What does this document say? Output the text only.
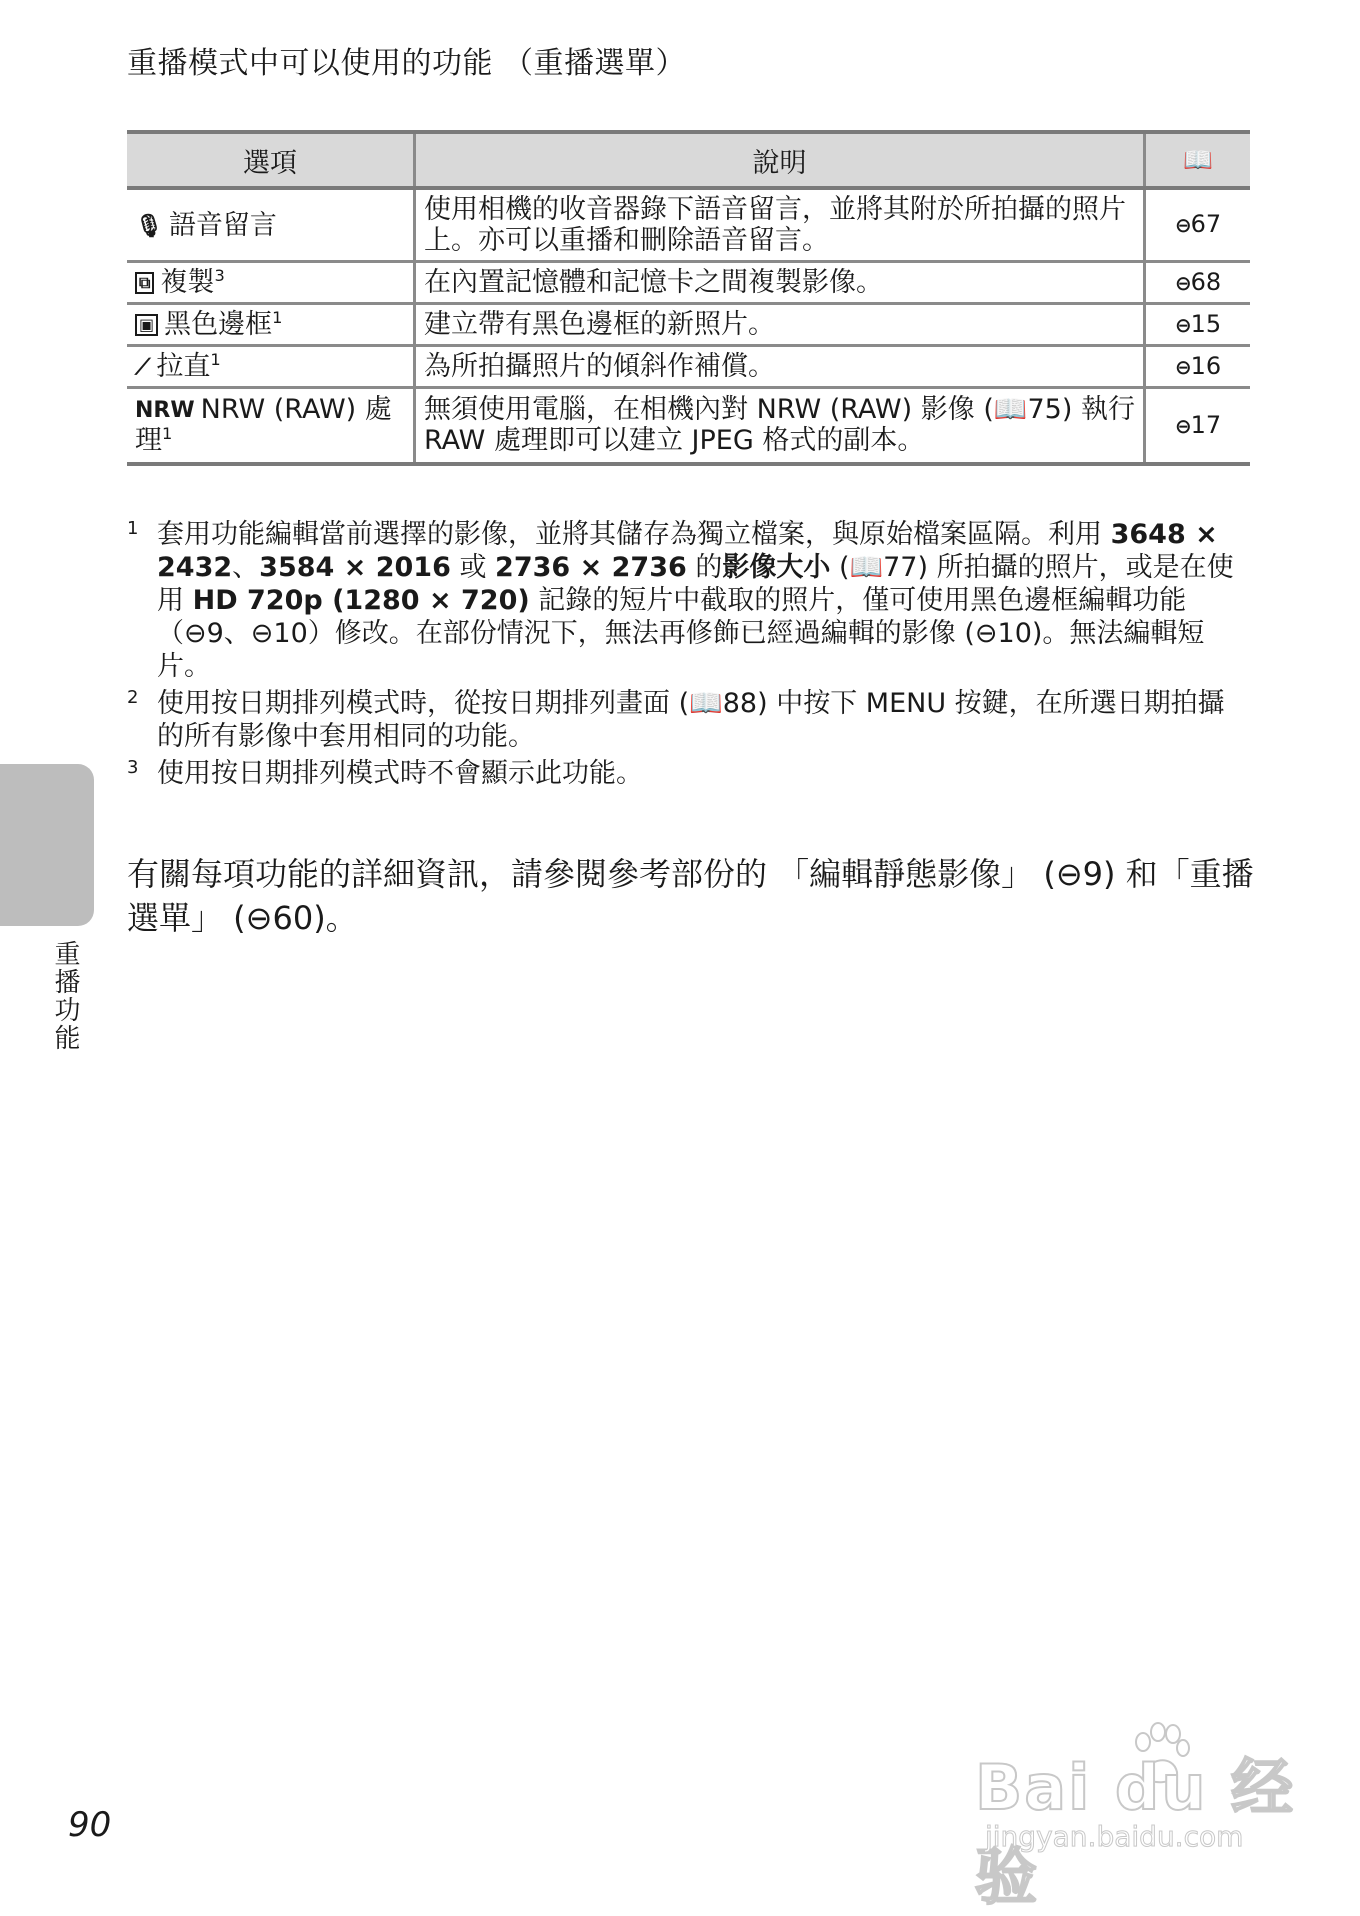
重播模式中可以使用的功能 （重播選單）
選項	說明	📖
🎙 語音留言	使用相機的收音器錄下語音留言，並將其附於所拍攝的照片上。亦可以重播和刪除語音留言。	⊖67
⧉ 複製$^3$	在內置記憶體和記憶卡之間複製影像。	⊖68
▣ 黑色邊框$^1$	建立帶有黑色邊框的新照片。	⊖15
⟋ 拉直$^1$	為所拍攝照片的傾斜作補償。	⊖16
NRW NRW (RAW) 處理$^1$	無須使用電腦，在相機內對 NRW (RAW) 影像 (📖75) 執行 RAW 處理即可以建立 JPEG 格式的副本。	⊖17
1 套用功能編輯當前選擇的影像，並將其儲存為獨立檔案，與原始檔案區隔。利用 3648 × 2432、3584 × 2016 或 2736 × 2736 的影像大小 (📖77) 所拍攝的照片，或是在使用 HD 720p (1280 × 720) 記錄的短片中截取的照片，僅可使用黑色邊框編輯功能 （⊖9、⊖10）修改。在部份情況下，無法再修飾已經過編輯的影像 (⊖10)。無法編輯短片。
2 使用按日期排列模式時，從按日期排列畫面 (📖88) 中按下 MENU 按鍵，在所選日期拍攝的所有影像中套用相同的功能。
3 使用按日期排列模式時不會顯示此功能。
有關每項功能的詳細資訊，請參閱參考部份的 「編輯靜態影像」 (⊖9) 和「重播選單」 (⊖60)。
重播功能
90
Bai du 经验
jingyan.baidu.com
